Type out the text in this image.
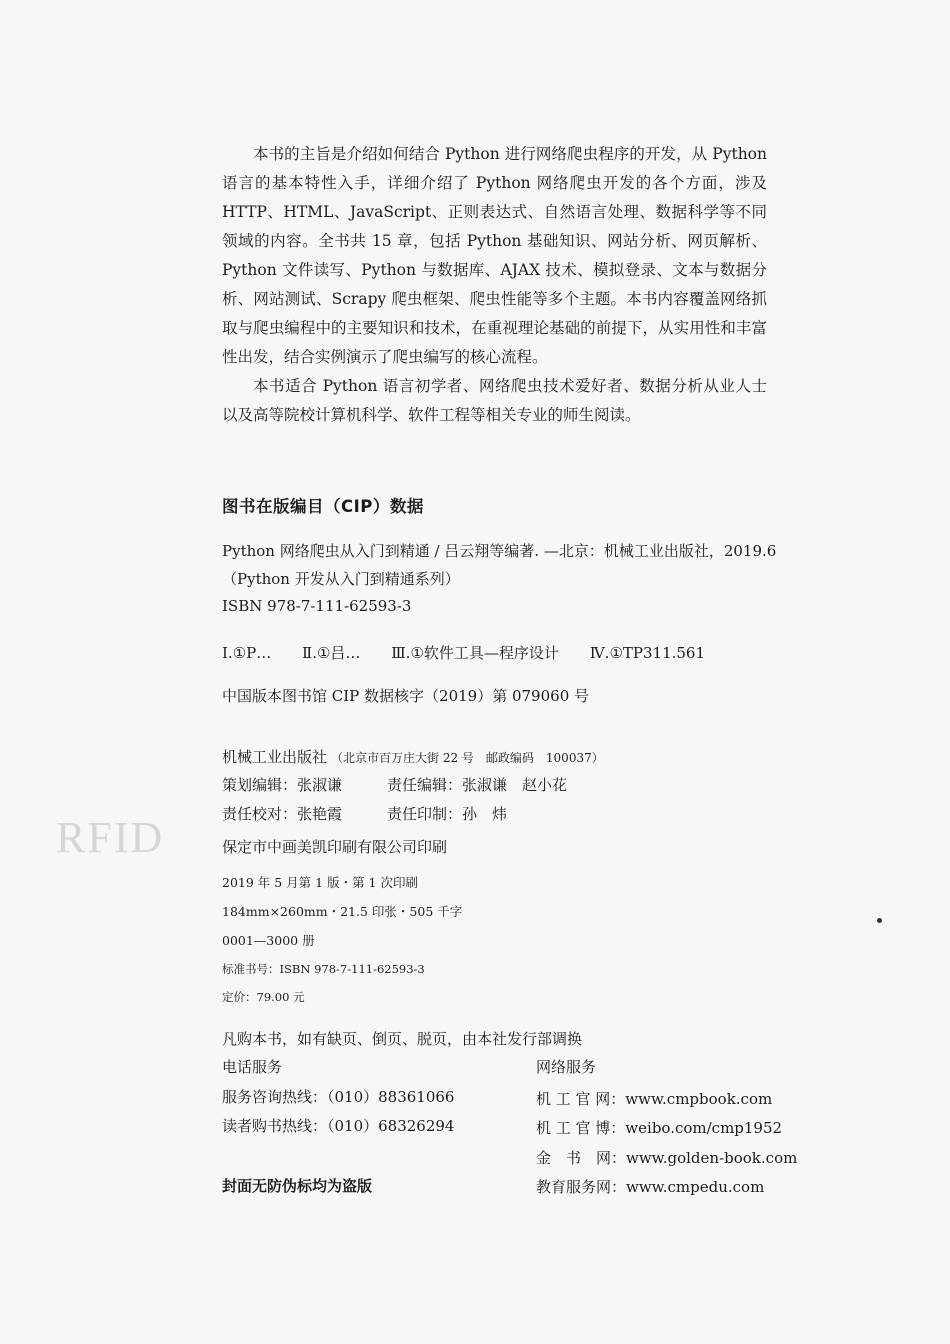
本书的主旨是介绍如何结合 Python 进行网络爬虫程序的开发，从 Python 语言的基本特性入手，详细介绍了 Python 网络爬虫开发的各个方面，涉及 HTTP、HTML、JavaScript、正则表达式、自然语言处理、数据科学等不同领域的内容。全书共 15 章，包括 Python 基础知识、网站分析、网页解析、Python 文件读写、Python 与数据库、AJAX 技术、模拟登录、文本与数据分析、网站测试、Scrapy 爬虫框架、爬虫性能等多个主题。本书内容覆盖网络抓取与爬虫编程中的主要知识和技术，在重视理论基础的前提下，从实用性和丰富性出发，结合实例演示了爬虫编写的核心流程。

本书适合 Python 语言初学者、网络爬虫技术爱好者、数据分析从业人士以及高等院校计算机科学、软件工程等相关专业的师生阅读。

图书在版编目（CIP）数据
Python 网络爬虫从入门到精通 / 吕云翔等编著. —北京：机械工业出版社，2019.6
（Python 开发从入门到精通系列）
ISBN 978-7-111-62593-3
Ⅰ.①P… Ⅱ.①吕… Ⅲ.①软件工具—程序设计 Ⅳ.①TP311.561
中国版本图书馆 CIP 数据核字（2019）第 079060 号
机械工业出版社 （北京市百万庄大街 22 号　邮政编码　100037）
策划编辑：张淑谦	责任编辑：张淑谦　赵小花
责任校对：张艳霞	责任印制：孙　炜
保定市中画美凯印刷有限公司印刷
2019 年 5 月第 1 版・第 1 次印刷
184mm×260mm・21.5 印张・505 千字
0001—3000 册
标准书号：ISBN 978-7-111-62593-3
定价：79.00 元
凡购本书，如有缺页、倒页、脱页，由本社发行部调换
电话服务
服务咨询热线：（010）88361066
读者购书热线：（010）68326294
网络服务
机 工 官 网：www.cmpbook.com
机 工 官 博：weibo.com/cmp1952
金　书　网：www.golden-book.com
教育服务网：www.cmpedu.com
封面无防伪标均为盗版
RFID
